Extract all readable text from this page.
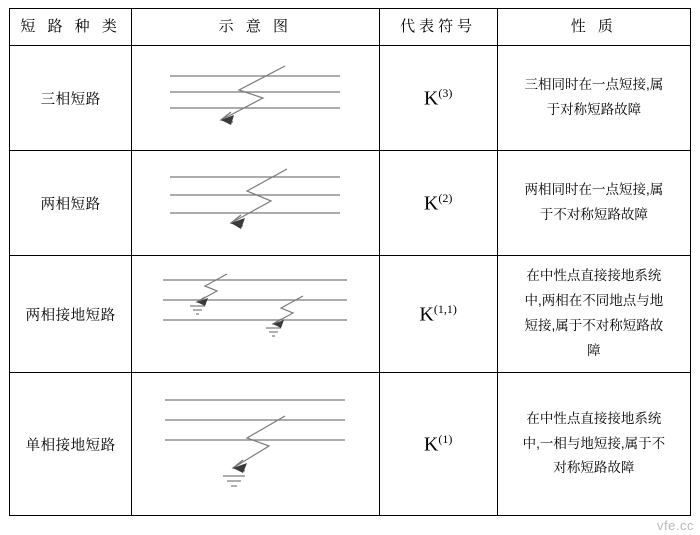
短 路 种 类	示 意 图	代表符号	性 质

三相短路		$K^{(3)}$	三相同时在一点短接,属
于对称短路故障

两相短路		$K^{(2)}$	两相同时在一点短接,属
于不对称短路故障

两相接地短路		K$^{(1,1)}$	在中性点直接接地系统
中,两相在不同地点与地
短接,属于不对称短路故
障

单相接地短路		$K^{(1)}$	在中性点直接接地系统
中,一相与地短接,属于不
对称短路故障
vfe.cc
